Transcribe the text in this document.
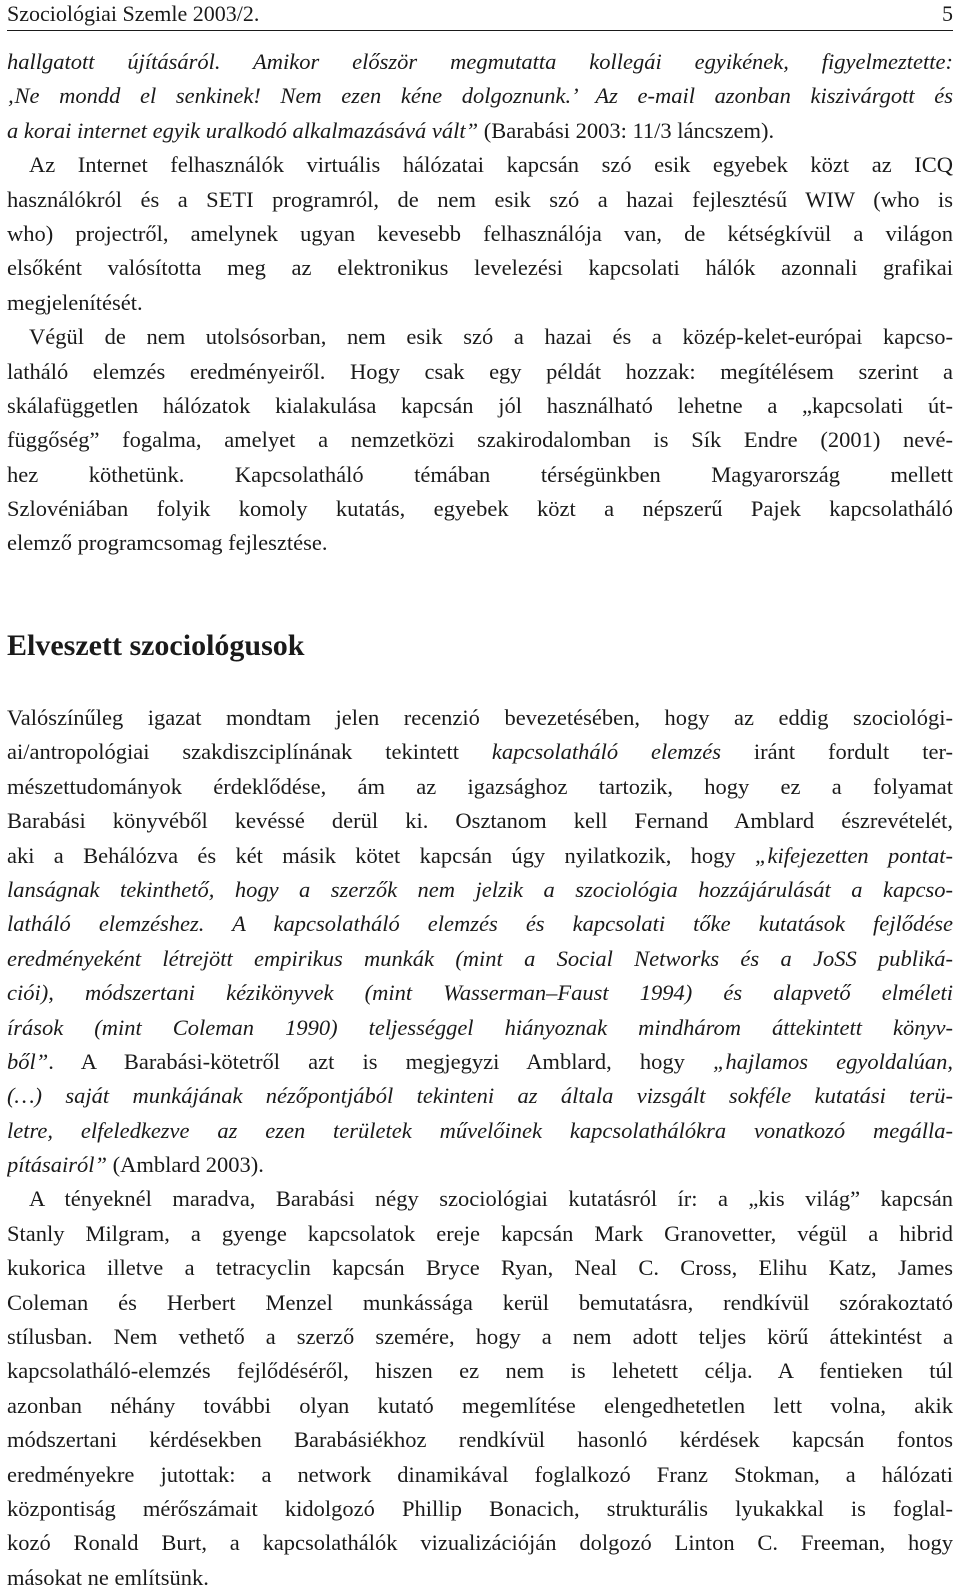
Szociológiai Szemle 2003/2.	5
hallgatott újításáról. Amikor először megmutatta kollegái egyikének, figyelmeztette:
‚Ne mondd el senkinek! Nem ezen kéne dolgoznunk.’ Az e-mail azonban kiszivárgott és
a korai internet egyik uralkodó alkalmazásává vált” (Barabási 2003: 11/3 láncszem).
Az Internet felhasználók virtuális hálózatai kapcsán szó esik egyebek közt az ICQ
használókról és a SETI programról, de nem esik szó a hazai fejlesztésű WIW (who is
who) projectről, amelynek ugyan kevesebb felhasználója van, de kétségkívül a világon
elsőként valósította meg az elektronikus levelezési kapcsolati hálók azonnali grafikai
megjelenítését.
Végül de nem utolsósorban, nem esik szó a hazai és a közép-kelet-európai kapcso-
latháló elemzés eredményeiről. Hogy csak egy példát hozzak: megítélésem szerint a
skálafüggetlen hálózatok kialakulása kapcsán jól használható lehetne a „kapcsolati út-
függőség” fogalma, amelyet a nemzetközi szakirodalomban is Sík Endre (2001) nevé-
hez köthetünk. Kapcsolatháló témában térségünkben Magyarország mellett
Szlovéniában folyik komoly kutatás, egyebek közt a népszerű Pajek kapcsolatháló
elemző programcsomag fejlesztése.
Elveszett szociológusok
Valószínűleg igazat mondtam jelen recenzió bevezetésében, hogy az eddig szociológi-
ai/antropológiai szakdiszciplínának tekintett kapcsolatháló elemzés iránt fordult ter-
mészettudományok érdeklődése, ám az igazsághoz tartozik, hogy ez a folyamat
Barabási könyvéből kevéssé derül ki. Osztanom kell Fernand Amblard észrevételét,
aki a Behálózva és két másik kötet kapcsán úgy nyilatkozik, hogy „kifejezetten pontat-
lanságnak tekinthető, hogy a szerzők nem jelzik a szociológia hozzájárulását a kapcso-
latháló elemzéshez. A kapcsolatháló elemzés és kapcsolati tőke kutatások fejlődése
eredményeként létrejött empirikus munkák (mint a Social Networks és a JoSS publiká-
ciói), módszertani kézikönyvek (mint Wasserman–Faust 1994) és alapvető elméleti
írások (mint Coleman 1990) teljességgel hiányoznak mindhárom áttekintett könyv-
ből”. A Barabási-kötetről azt is megjegyzi Amblard, hogy „hajlamos egyoldalúan,
(…) saját munkájának nézőpontjából tekinteni az általa vizsgált sokféle kutatási terü-
letre, elfeledkezve az ezen területek művelőinek kapcsolathálókra vonatkozó megálla-
pításairól” (Amblard 2003).
A tényeknél maradva, Barabási négy szociológiai kutatásról ír: a „kis világ” kapcsán
Stanly Milgram, a gyenge kapcsolatok ereje kapcsán Mark Granovetter, végül a hibrid
kukorica illetve a tetracyclin kapcsán Bryce Ryan, Neal C. Cross, Elihu Katz, James
Coleman és Herbert Menzel munkássága kerül bemutatásra, rendkívül szórakoztató
stílusban. Nem vethető a szerző szemére, hogy a nem adott teljes körű áttekintést a
kapcsolatháló-elemzés fejlődéséről, hiszen ez nem is lehetett célja. A fentieken túl
azonban néhány további olyan kutató megemlítése elengedhetetlen lett volna, akik
módszertani kérdésekben Barabásiékhoz rendkívül hasonló kérdések kapcsán fontos
eredményekre jutottak: a network dinamikával foglalkozó Franz Stokman, a hálózati
központiság mérőszámait kidolgozó Phillip Bonacich, strukturális lyukakkal is foglal-
kozó Ronald Burt, a kapcsolathálók vizualizációján dolgozó Linton C. Freeman, hogy
másokat ne említsünk.
